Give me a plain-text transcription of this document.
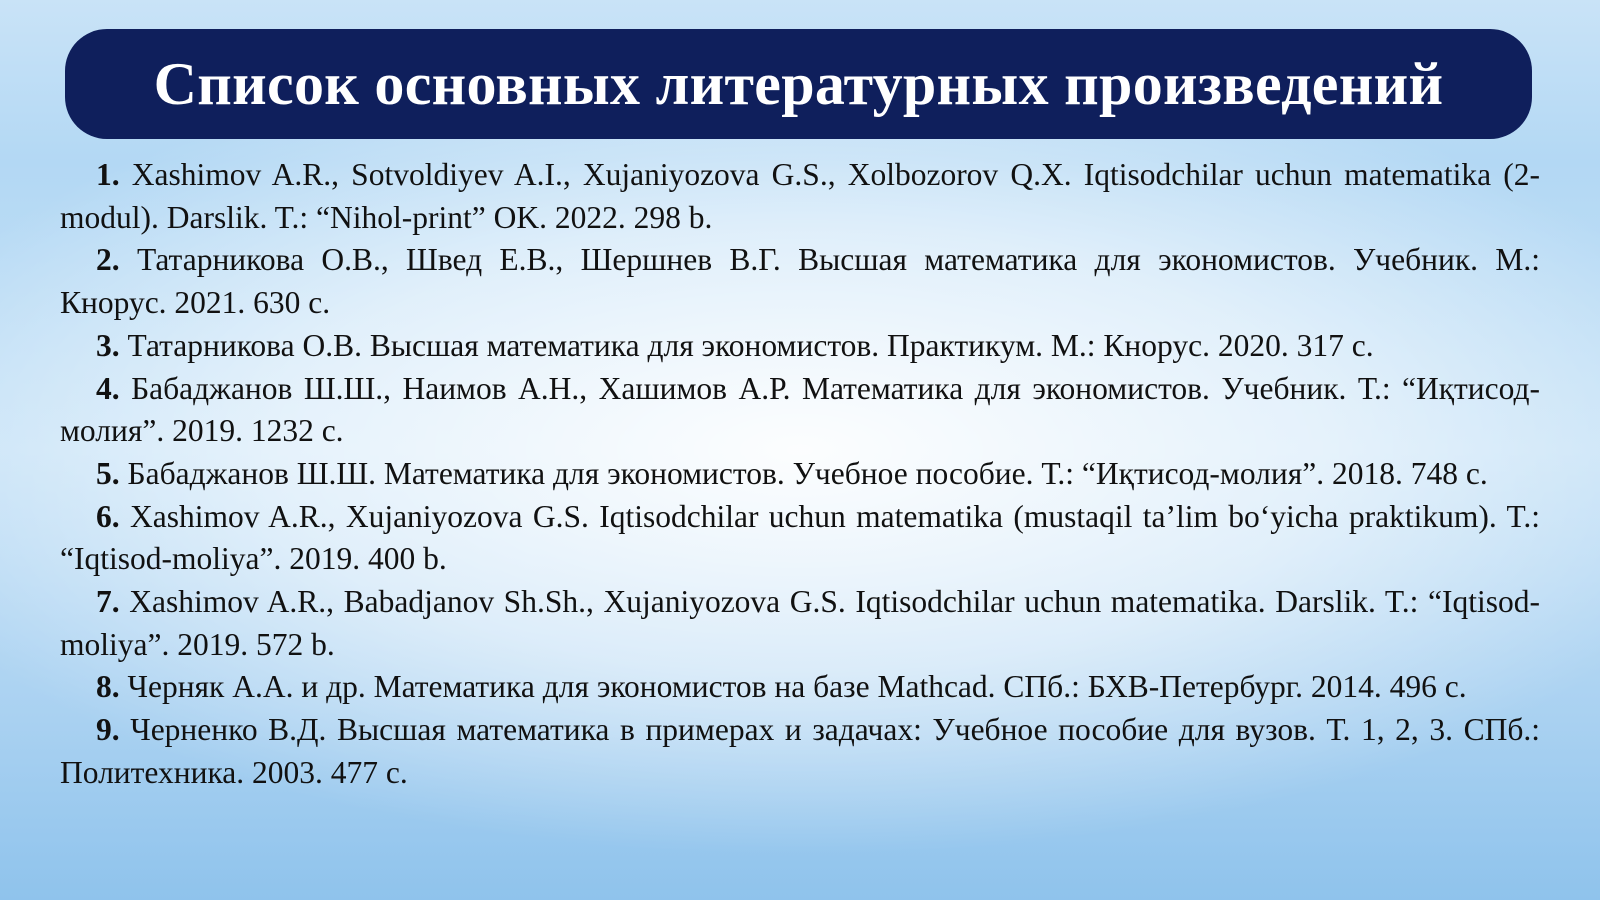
Список основных литературных произведений
1. Xashimov A.R., Sotvoldiyev A.I., Xujaniyozova G.S., Xolbozorov Q.X. Iqtisodchilar uchun matematika (2-modul). Darslik. T.: “Nihol-print” OK. 2022. 298 b.
2. Татарникова О.В., Швед Е.В., Шершнев В.Г. Высшая математика для экономистов. Учебник. М.: Кнорус. 2021. 630 с.
3. Татарникова О.В. Высшая математика для экономистов. Практикум. М.: Кнорус. 2020. 317 с.
4. Бабаджанов Ш.Ш., Наимов А.Н., Хашимов А.Р. Математика для экономистов. Учебник. Т.: “Иқтисод-молия”. 2019. 1232 с.
5. Бабаджанов Ш.Ш. Математика для экономистов. Учебное пособие. Т.: “Иқтисод-молия”. 2018. 748 с.
6. Xashimov A.R., Xujaniyozova G.S. Iqtisodchilar uchun matematika (mustaqil ta’lim bo‘yicha praktikum). T.: “Iqtisod-moliya”. 2019. 400 b.
7. Xashimov A.R., Babadjanov Sh.Sh., Xujaniyozova G.S. Iqtisodchilar uchun matematika. Darslik. T.: “Iqtisod-moliya”. 2019. 572 b.
8. Черняк А.А. и др. Математика для экономистов на базе Mathcad. СПб.: БХВ-Петербург. 2014. 496 с.
9. Черненко В.Д. Высшая математика в примерах и задачах: Учебное пособие для вузов. Т. 1, 2, 3. СПб.: Политехника. 2003. 477 с.
